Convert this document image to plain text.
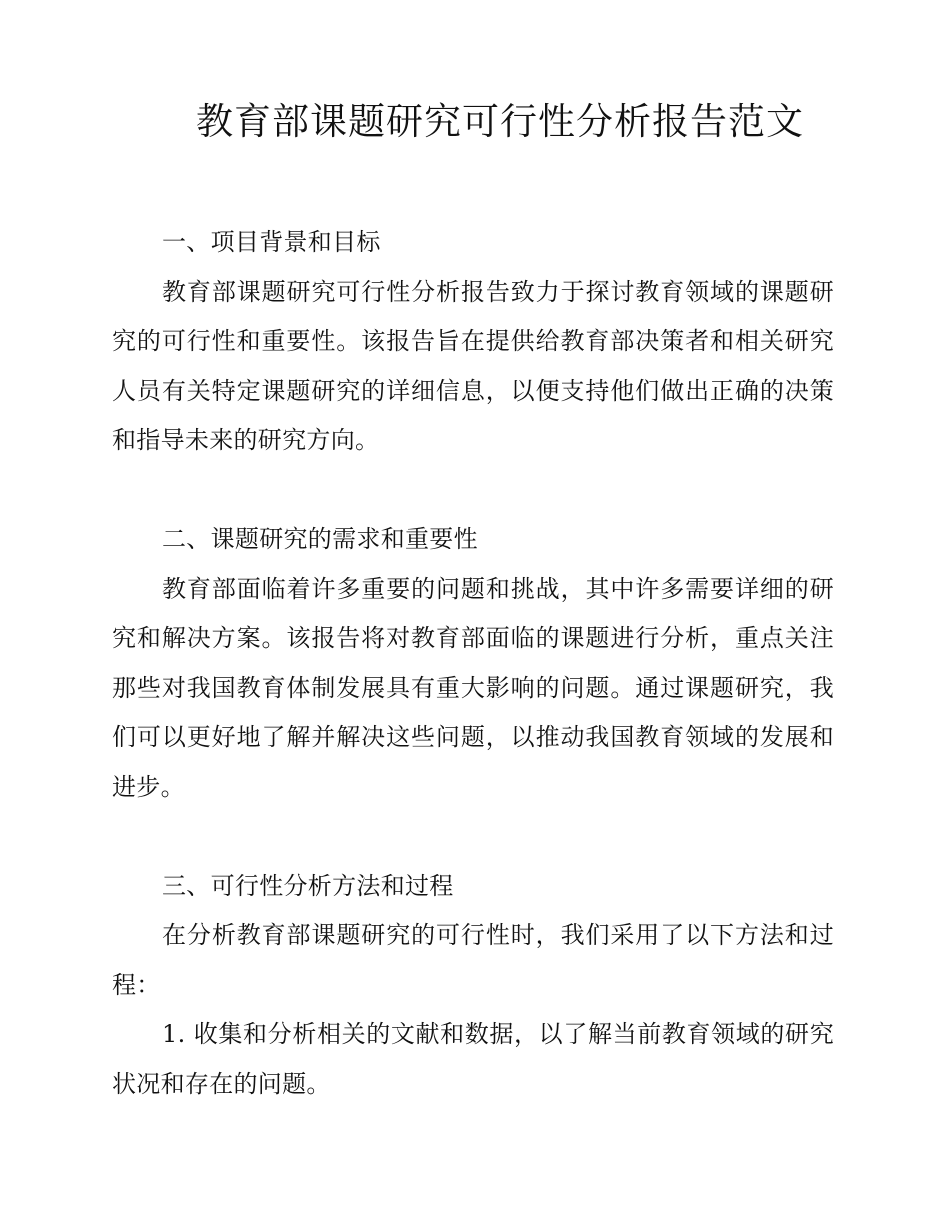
教育部课题研究可行性分析报告范文

一、项目背景和目标

教育部课题研究可行性分析报告致力于探讨教育领域的课题研究的可行性和重要性。该报告旨在提供给教育部决策者和相关研究人员有关特定课题研究的详细信息，以便支持他们做出正确的决策和指导未来的研究方向。

二、课题研究的需求和重要性

教育部面临着许多重要的问题和挑战，其中许多需要详细的研究和解决方案。该报告将对教育部面临的课题进行分析，重点关注那些对我国教育体制发展具有重大影响的问题。通过课题研究，我们可以更好地了解并解决这些问题，以推动我国教育领域的发展和进步。

三、可行性分析方法和过程

在分析教育部课题研究的可行性时，我们采用了以下方法和过程：

1. 收集和分析相关的文献和数据，以了解当前教育领域的研究状况和存在的问题。
